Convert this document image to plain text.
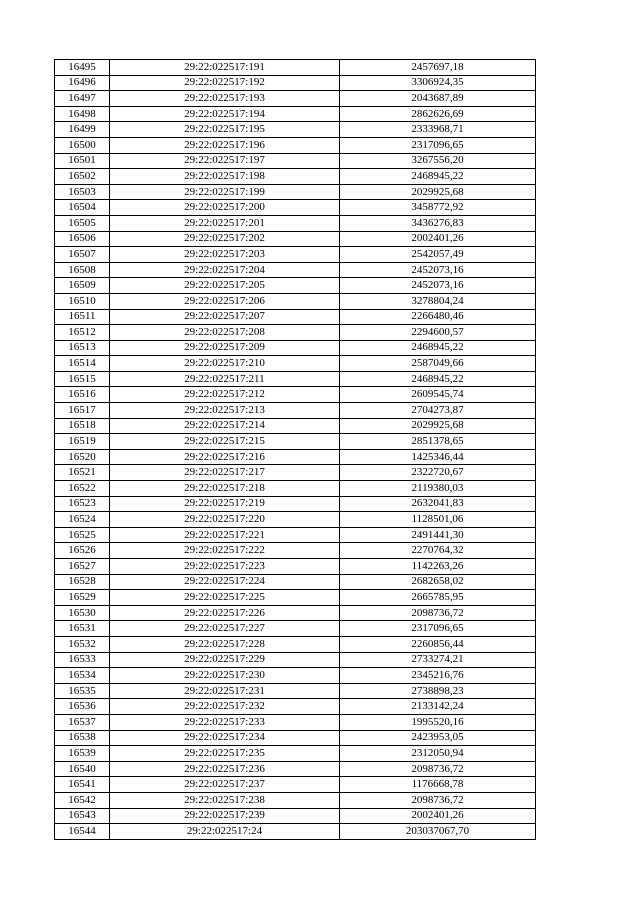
16495	29:22:022517:191	2457697,18
16496	29:22:022517:192	3306924,35
16497	29:22:022517:193	2043687,89
16498	29:22:022517:194	2862626,69
16499	29:22:022517:195	2333968,71
16500	29:22:022517:196	2317096,65
16501	29:22:022517:197	3267556,20
16502	29:22:022517:198	2468945,22
16503	29:22:022517:199	2029925,68
16504	29:22:022517:200	3458772,92
16505	29:22:022517:201	3436276,83
16506	29:22:022517:202	2002401,26
16507	29:22:022517:203	2542057,49
16508	29:22:022517:204	2452073,16
16509	29:22:022517:205	2452073,16
16510	29:22:022517:206	3278804,24
16511	29:22:022517:207	2266480,46
16512	29:22:022517:208	2294600,57
16513	29:22:022517:209	2468945,22
16514	29:22:022517:210	2587049,66
16515	29:22:022517:211	2468945,22
16516	29:22:022517:212	2609545,74
16517	29:22:022517:213	2704273,87
16518	29:22:022517:214	2029925,68
16519	29:22:022517:215	2851378,65
16520	29:22:022517:216	1425346,44
16521	29:22:022517:217	2322720,67
16522	29:22:022517:218	2119380,03
16523	29:22:022517:219	2632041,83
16524	29:22:022517:220	1128501,06
16525	29:22:022517:221	2491441,30
16526	29:22:022517:222	2270764,32
16527	29:22:022517:223	1142263,26
16528	29:22:022517:224	2682658,02
16529	29:22:022517:225	2665785,95
16530	29:22:022517:226	2098736,72
16531	29:22:022517:227	2317096,65
16532	29:22:022517:228	2260856,44
16533	29:22:022517:229	2733274,21
16534	29:22:022517:230	2345216,76
16535	29:22:022517:231	2738898,23
16536	29:22:022517:232	2133142,24
16537	29:22:022517:233	1995520,16
16538	29:22:022517:234	2423953,05
16539	29:22:022517:235	2312050,94
16540	29:22:022517:236	2098736,72
16541	29:22:022517:237	1176668,78
16542	29:22:022517:238	2098736,72
16543	29:22:022517:239	2002401,26
16544	29:22:022517:24	203037067,70
